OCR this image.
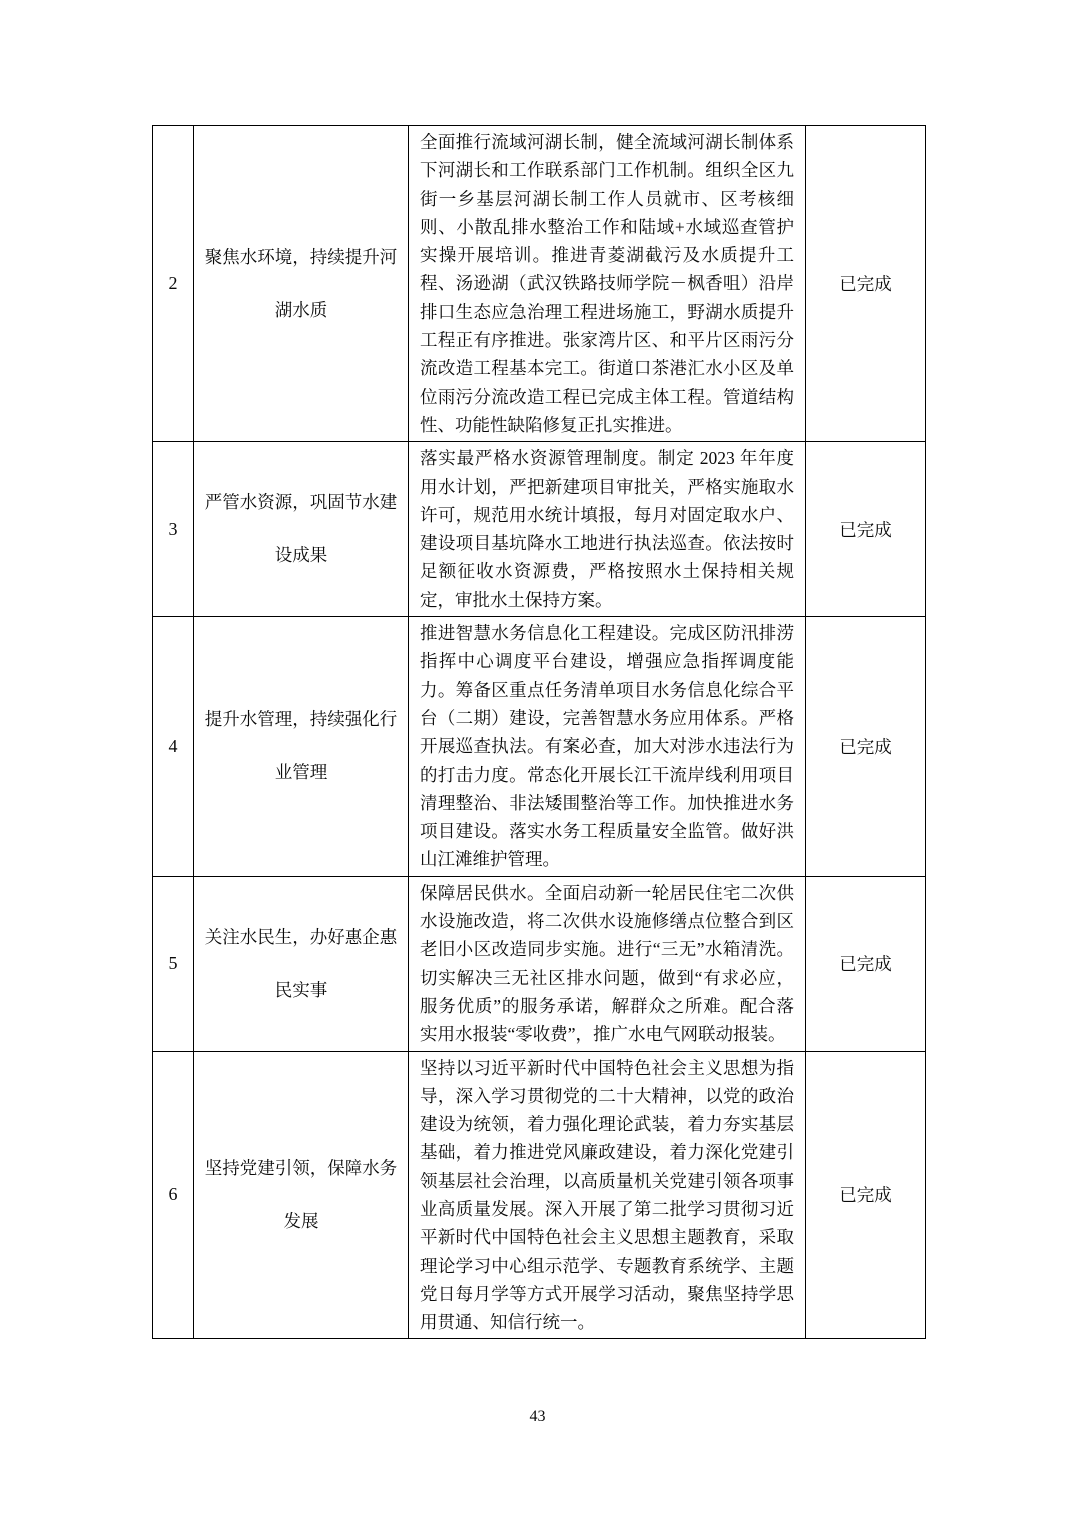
2	聚焦水环境，持续提升河湖水质	全面推行流域河湖长制，健全流域河湖长制体系下河湖长和工作联系部门工作机制。组织全区九街一乡基层河湖长制工作人员就市、区考核细则、小散乱排水整治工作和陆域+水域巡查管护实操开展培训。推进青菱湖截污及水质提升工程、汤逊湖（武汉铁路技师学院－枫香咀）沿岸排口生态应急治理工程进场施工，野湖水质提升工程正有序推进。张家湾片区、和平片区雨污分流改造工程基本完工。街道口茶港汇水小区及单位雨污分流改造工程已完成主体工程。管道结构性、功能性缺陷修复正扎实推进。	已完成
3	严管水资源，巩固节水建设成果	落实最严格水资源管理制度。制定 2023 年年度用水计划，严把新建项目审批关，严格实施取水许可，规范用水统计填报，每月对固定取水户、建设项目基坑降水工地进行执法巡查。依法按时足额征收水资源费，严格按照水土保持相关规定，审批水土保持方案。	已完成
4	提升水管理，持续强化行业管理	推进智慧水务信息化工程建设。完成区防汛排涝指挥中心调度平台建设，增强应急指挥调度能力。筹备区重点任务清单项目水务信息化综合平台（二期）建设，完善智慧水务应用体系。严格开展巡查执法。有案必查，加大对涉水违法行为的打击力度。常态化开展长江干流岸线利用项目清理整治、非法矮围整治等工作。加快推进水务项目建设。落实水务工程质量安全监管。做好洪山江滩维护管理。	已完成
5	关注水民生，办好惠企惠民实事	保障居民供水。全面启动新一轮居民住宅二次供水设施改造，将二次供水设施修缮点位整合到区老旧小区改造同步实施。进行“三无”水箱清洗。切实解决三无社区排水问题，做到“有求必应，服务优质”的服务承诺，解群众之所难。配合落实用水报装“零收费”，推广水电气网联动报装。	已完成
6	坚持党建引领，保障水务发展	坚持以习近平新时代中国特色社会主义思想为指导，深入学习贯彻党的二十大精神，以党的政治建设为统领，着力强化理论武装，着力夯实基层基础，着力推进党风廉政建设，着力深化党建引领基层社会治理，以高质量机关党建引领各项事业高质量发展。深入开展了第二批学习贯彻习近平新时代中国特色社会主义思想主题教育，采取理论学习中心组示范学、专题教育系统学、主题党日每月学等方式开展学习活动，聚焦坚持学思用贯通、知信行统一。	已完成
43
